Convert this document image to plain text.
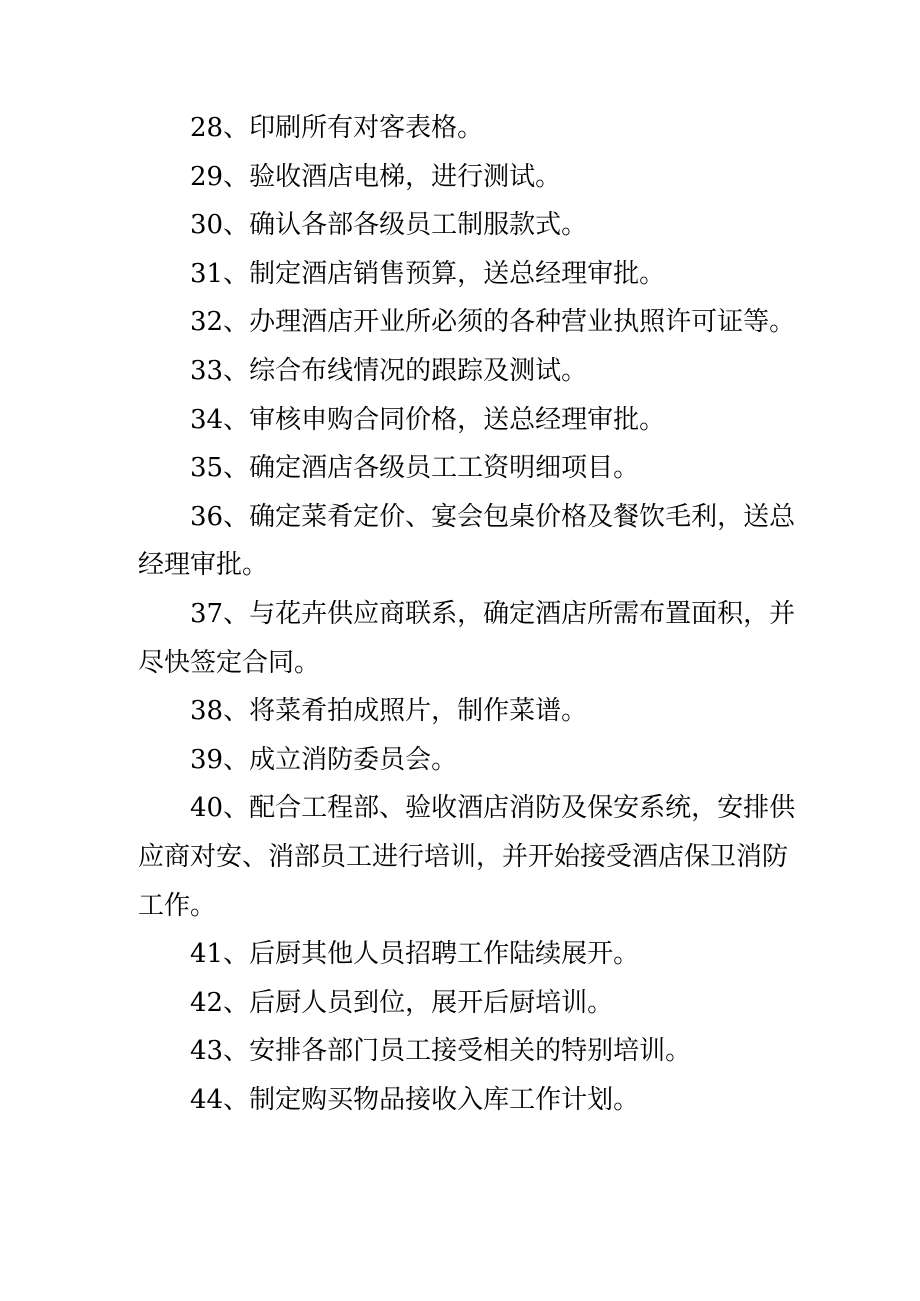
28、印刷所有对客表格。

29、验收酒店电梯，进行测试。

30、确认各部各级员工制服款式。

31、制定酒店销售预算，送总经理审批。

32、办理酒店开业所必须的各种营业执照许可证等。

33、综合布线情况的跟踪及测试。

34、审核申购合同价格，送总经理审批。

35、确定酒店各级员工工资明细项目。

36、确定菜肴定价、宴会包桌价格及餐饮毛利，送总经理审批。

37、与花卉供应商联系，确定酒店所需布置面积，并尽快签定合同。

38、将菜肴拍成照片，制作菜谱。

39、成立消防委员会。

40、配合工程部、验收酒店消防及保安系统，安排供应商对安、消部员工进行培训，并开始接受酒店保卫消防工作。

41、后厨其他人员招聘工作陆续展开。

42、后厨人员到位，展开后厨培训。

43、安排各部门员工接受相关的特别培训。

44、制定购买物品接收入库工作计划。
